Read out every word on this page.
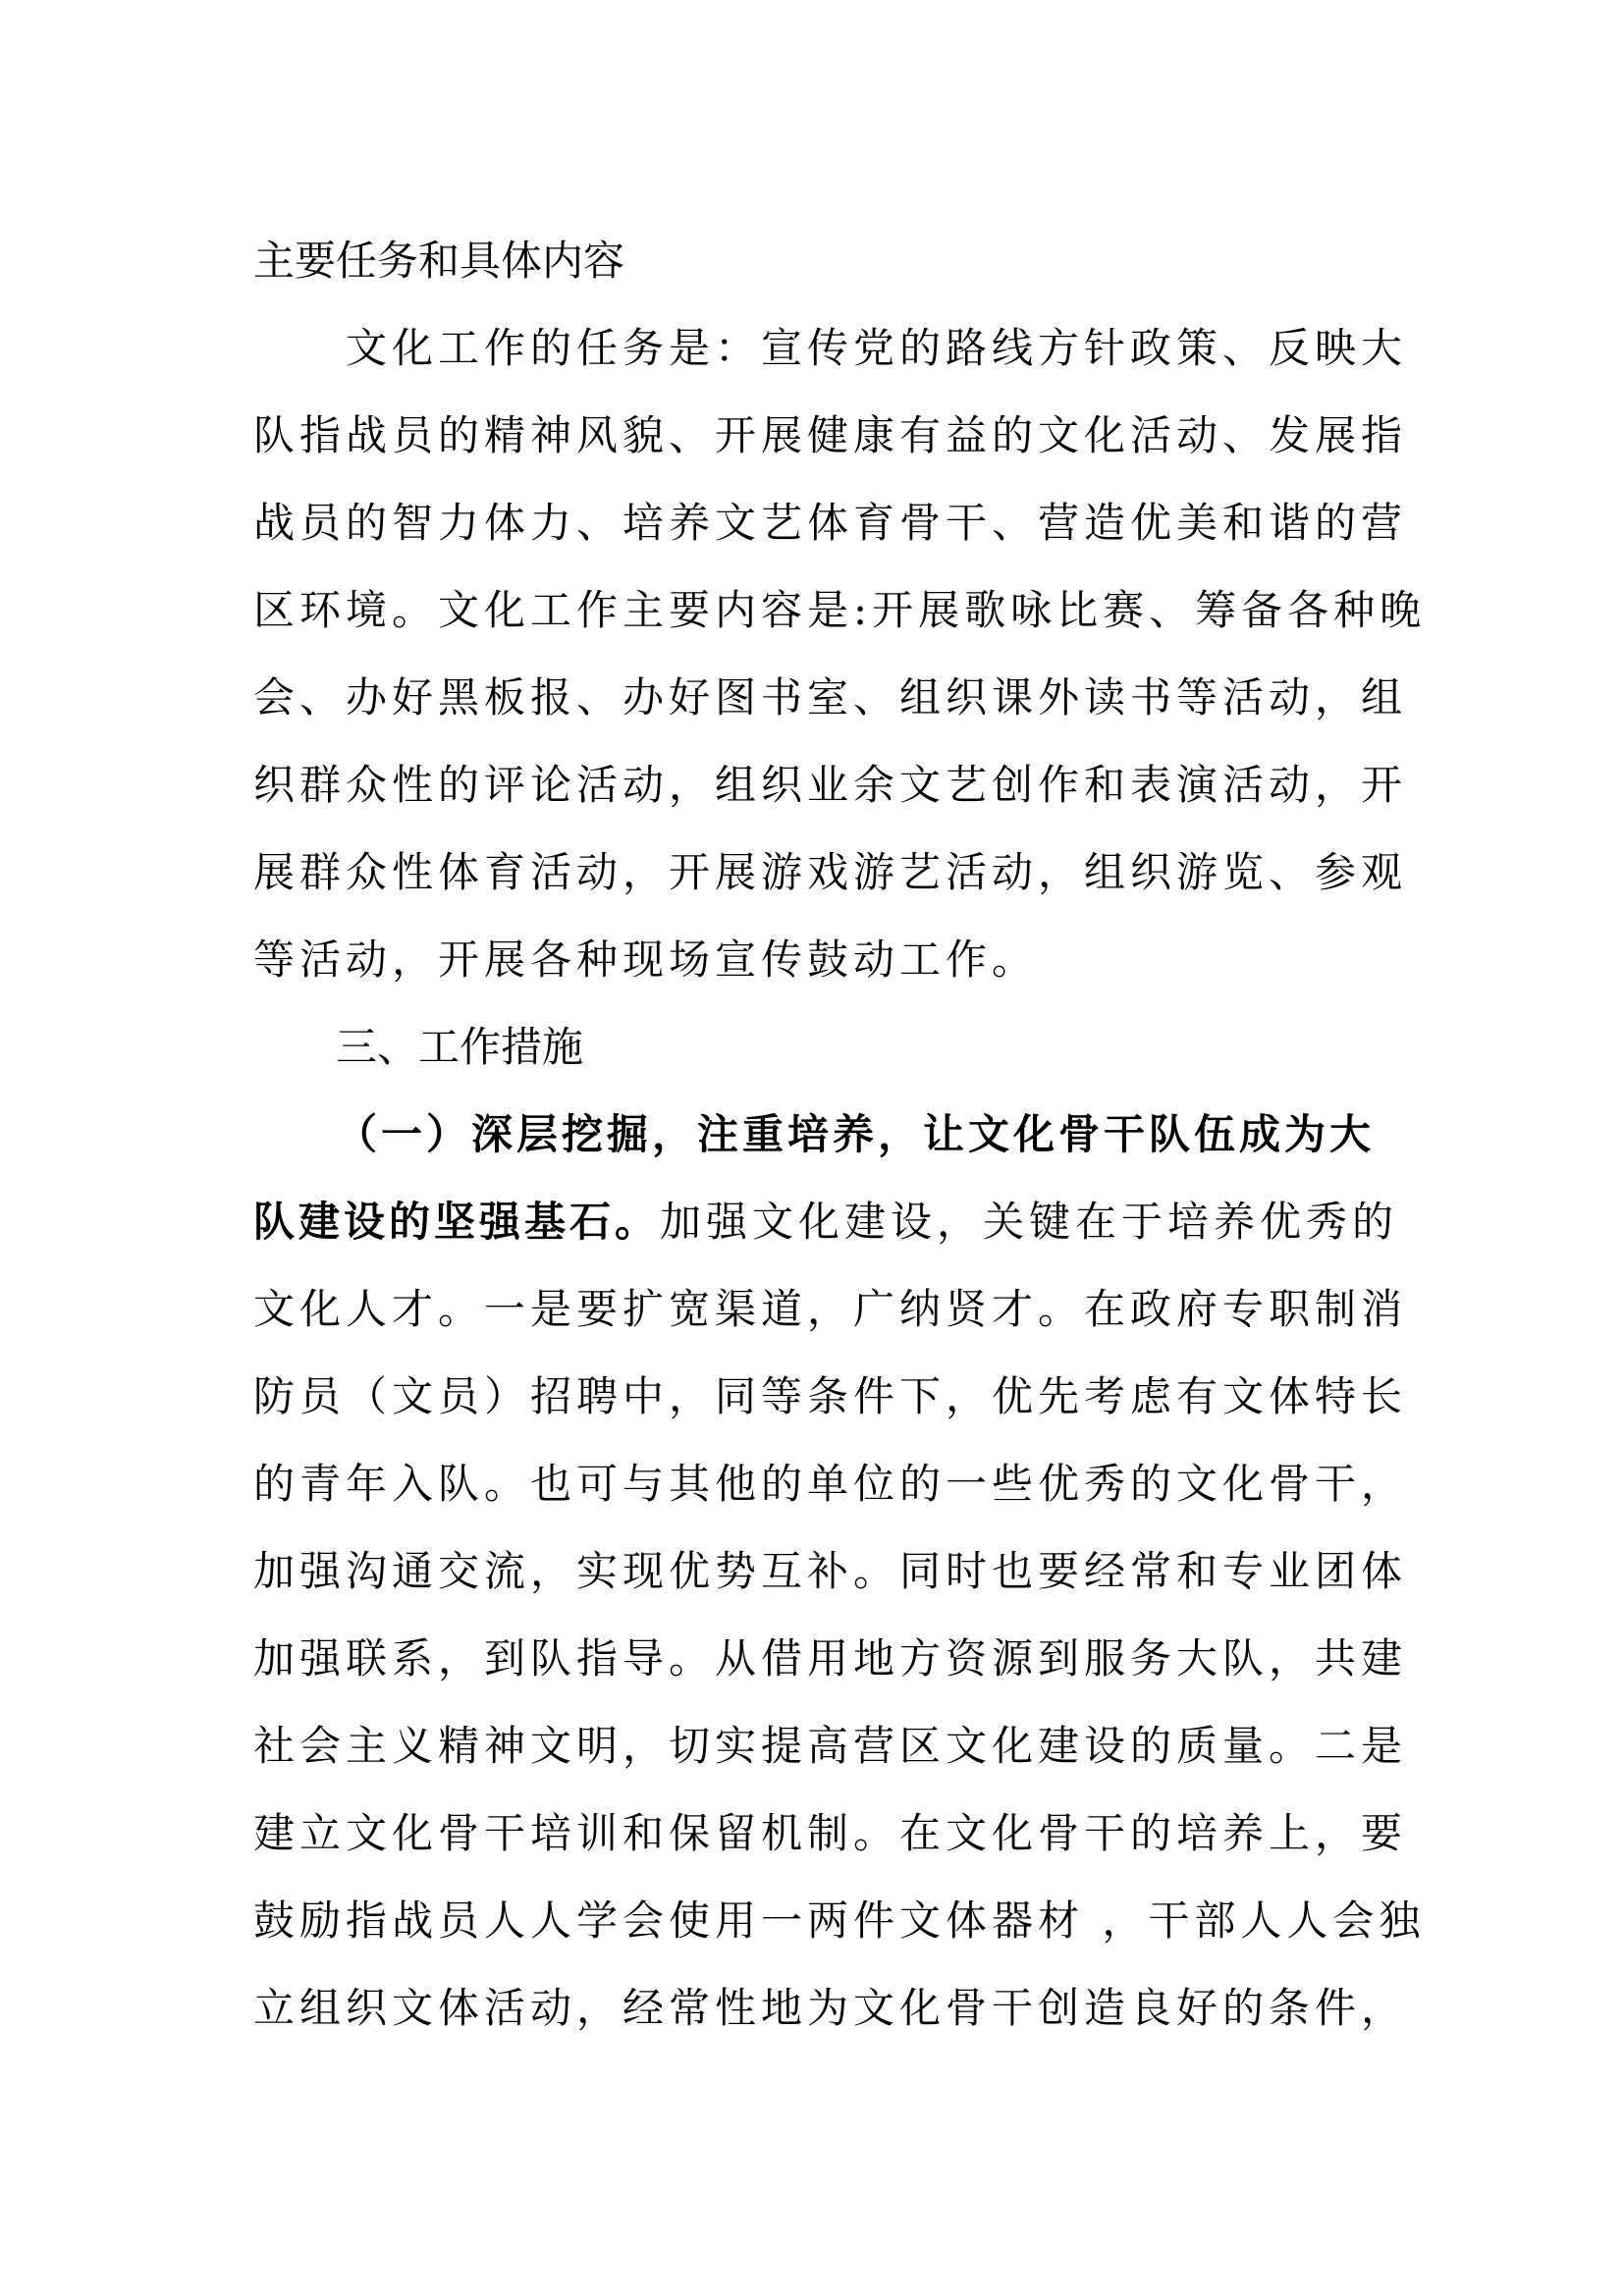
主要任务和具体内容
文化工作的任务是：宣传党的路线方针政策、反映大
队指战员的精神风貌、开展健康有益的文化活动、发展指
战员的智力体力、培养文艺体育骨干、营造优美和谐的营
区环境。文化工作主要内容是:开展歌咏比赛、筹备各种晚
会、办好黑板报、办好图书室、组织课外读书等活动，组
织群众性的评论活动，组织业余文艺创作和表演活动，开
展群众性体育活动，开展游戏游艺活动，组织游览、参观
等活动，开展各种现场宣传鼓动工作。
三、工作措施
（一）深层挖掘，注重培养，让文化骨干队伍成为大
队建设的坚强基石。加强文化建设，关键在于培养优秀的
文化人才。一是要扩宽渠道，广纳贤才。在政府专职制消
防员（文员）招聘中，同等条件下，优先考虑有文体特长
的青年入队。也可与其他的单位的一些优秀的文化骨干，
加强沟通交流，实现优势互补。同时也要经常和专业团体
加强联系，到队指导。从借用地方资源到服务大队，共建
社会主义精神文明，切实提高营区文化建设的质量。二是
建立文化骨干培训和保留机制。在文化骨干的培养上，要
鼓励指战员人人学会使用一两件文体器材 ，干部人人会独
立组织文体活动，经常性地为文化骨干创造良好的条件，
